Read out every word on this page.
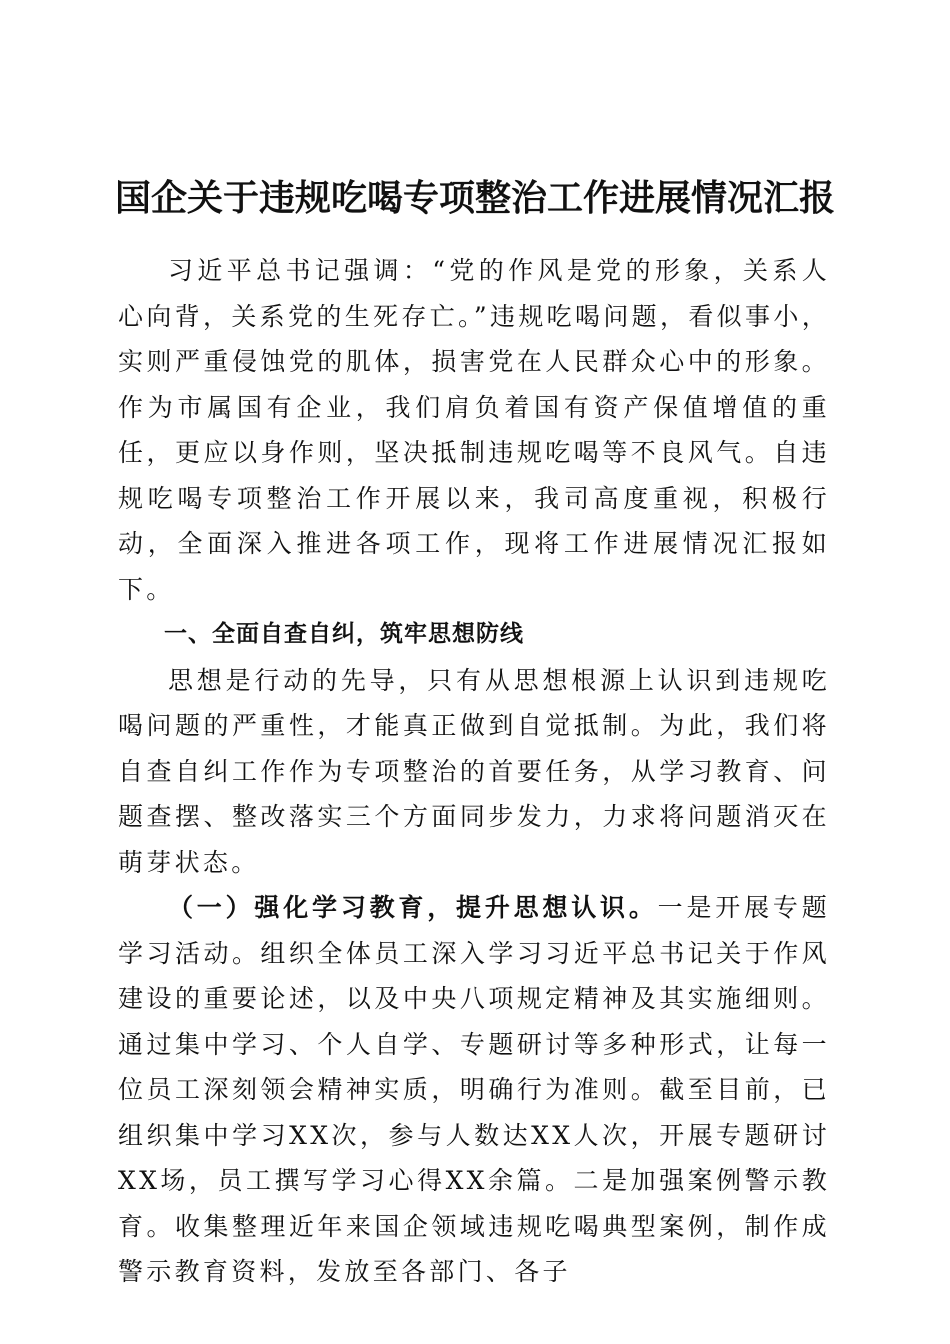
国企关于违规吃喝专项整治工作进展情况汇报

习近平总书记强调：“党的作风是党的形象，关系人心向背，关系党的生死存亡。”违规吃喝问题，看似事小，实则严重侵蚀党的肌体，损害党在人民群众心中的形象。作为市属国有企业，我们肩负着国有资产保值增值的重任，更应以身作则，坚决抵制违规吃喝等不良风气。自违规吃喝专项整治工作开展以来，我司高度重视，积极行动，全面深入推进各项工作，现将工作进展情况汇报如下。

一、全面自查自纠，筑牢思想防线

思想是行动的先导，只有从思想根源上认识到违规吃喝问题的严重性，才能真正做到自觉抵制。为此，我们将自查自纠工作作为专项整治的首要任务，从学习教育、问题查摆、整改落实三个方面同步发力，力求将问题消灭在萌芽状态。

（一）强化学习教育，提升思想认识。一是开展专题学习活动。组织全体员工深入学习习近平总书记关于作风建设的重要论述，以及中央八项规定精神及其实施细则。通过集中学习、个人自学、专题研讨等多种形式，让每一位员工深刻领会精神实质，明确行为准则。截至目前，已组织集中学习XX次，参与人数达XX人次，开展专题研讨XX场，员工撰写学习心得XX余篇。二是加强案例警示教育。收集整理近年来国企领域违规吃喝典型案例，制作成警示教育资料，发放至各部门、各子
